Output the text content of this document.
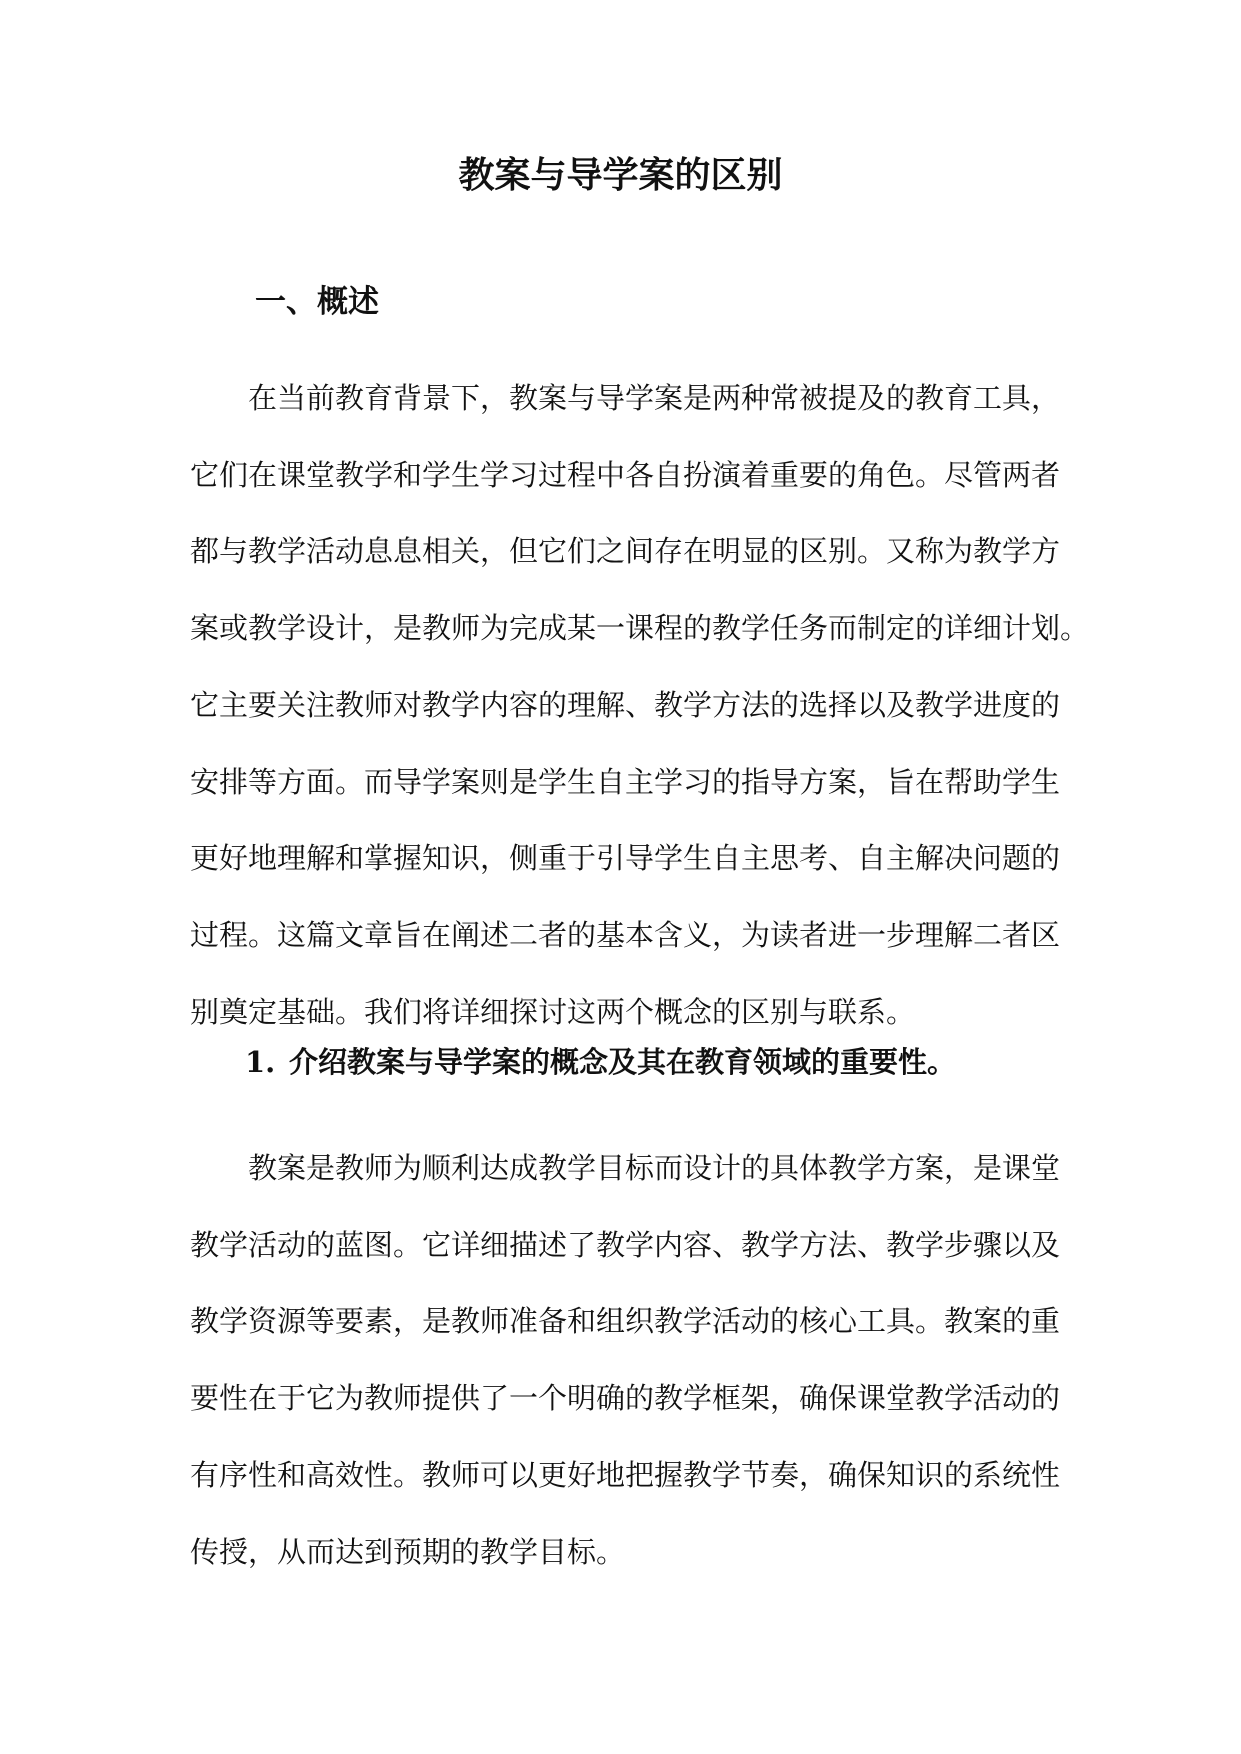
教案与导学案的区别
一、概述
在当前教育背景下，教案与导学案是两种常被提及的教育工具，
它们在课堂教学和学生学习过程中各自扮演着重要的角色。尽管两者
都与教学活动息息相关，但它们之间存在明显的区别。又称为教学方
案或教学设计，是教师为完成某一课程的教学任务而制定的详细计划。
它主要关注教师对教学内容的理解、教学方法的选择以及教学进度的
安排等方面。而导学案则是学生自主学习的指导方案，旨在帮助学生
更好地理解和掌握知识，侧重于引导学生自主思考、自主解决问题的
过程。这篇文章旨在阐述二者的基本含义，为读者进一步理解二者区
别奠定基础。我们将详细探讨这两个概念的区别与联系。
1. 介绍教案与导学案的概念及其在教育领域的重要性。
教案是教师为顺利达成教学目标而设计的具体教学方案，是课堂
教学活动的蓝图。它详细描述了教学内容、教学方法、教学步骤以及
教学资源等要素，是教师准备和组织教学活动的核心工具。教案的重
要性在于它为教师提供了一个明确的教学框架，确保课堂教学活动的
有序性和高效性。教师可以更好地把握教学节奏，确保知识的系统性
传授，从而达到预期的教学目标。
